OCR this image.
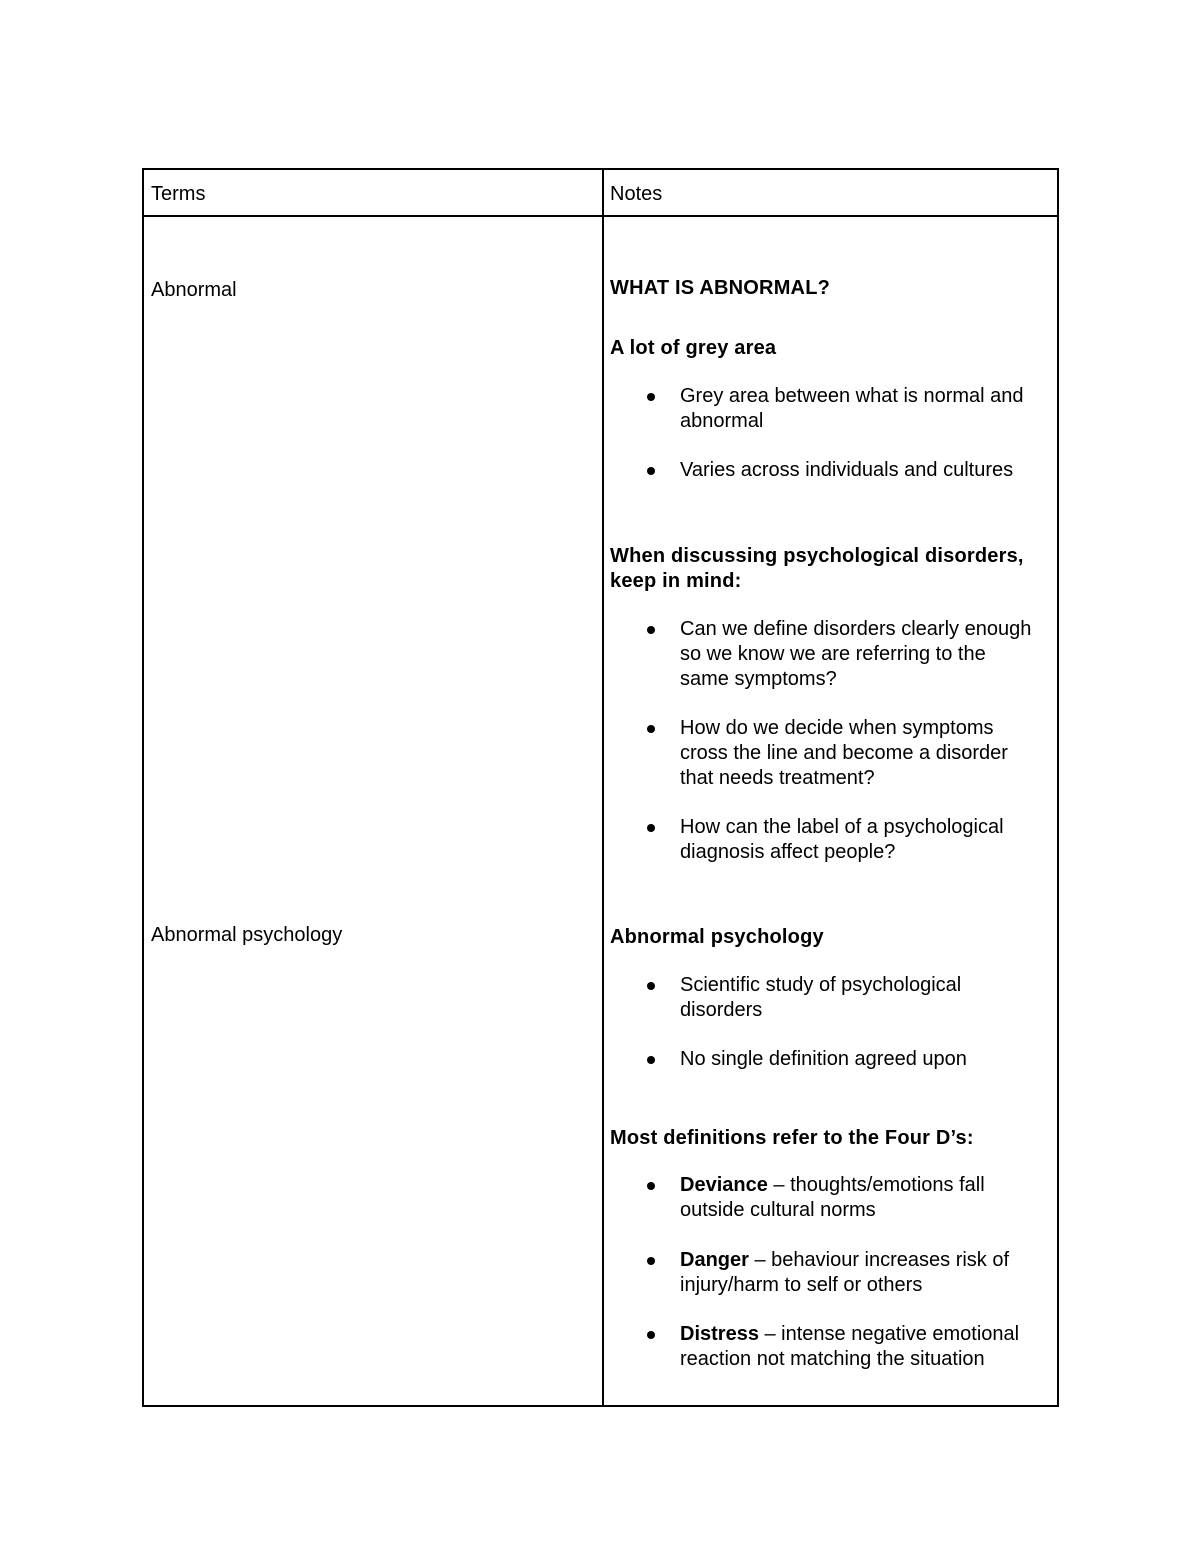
Terms	Notes
Abnormal
Abnormal psychology
WHAT IS ABNORMAL?
A lot of grey area
Grey area between what is normal and abnormal
Varies across individuals and cultures
When discussing psychological disorders, keep in mind:
Can we define disorders clearly enough so we know we are referring to the same symptoms?
How do we decide when symptoms cross the line and become a disorder that needs treatment?
How can the label of a psychological diagnosis affect people?
Abnormal psychology
Scientific study of psychological disorders
No single definition agreed upon
Most definitions refer to the Four D’s:
Deviance – thoughts/emotions fall outside cultural norms
Danger – behaviour increases risk of injury/harm to self or others
Distress – intense negative emotional reaction not matching the situation
